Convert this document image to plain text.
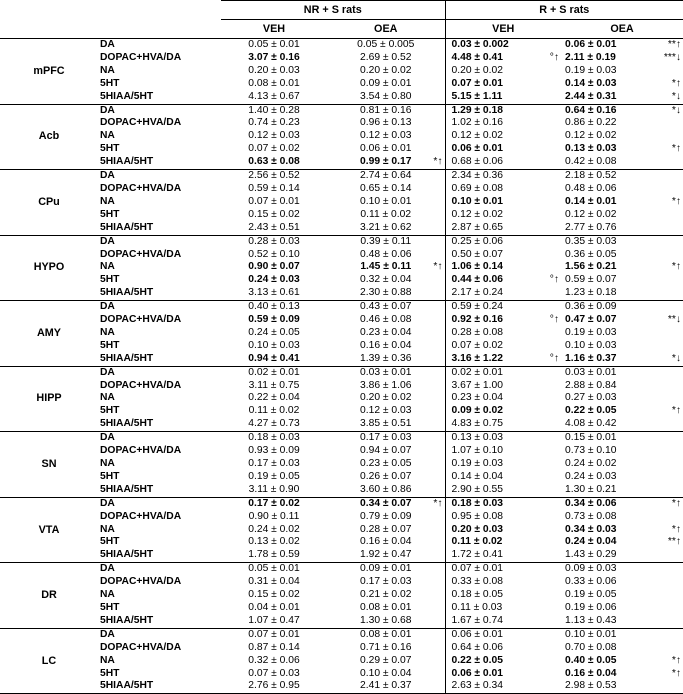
		NR + S rats		R + S rats	
		VEH	OEA	VEH	OEA
mPFC	DA	0.05 ± 0.01	0.05 ± 0.005	0.03 ± 0.002	0.06 ± 0.01 **↑

	DOPAC+HVA/DA	3.07 ± 0.16	2.69 ± 0.52	4.48 ± 0.41 °↑	2.11 ± 0.19 ***↓

	NA	0.20 ± 0.03	0.20 ± 0.02	0.20 ± 0.02	0.19 ± 0.03

	5HT	0.08 ± 0.01	0.09 ± 0.01	0.07 ± 0.01	0.14 ± 0.03 *↑

	5HIAA/5HT	4.13 ± 0.67	3.54 ± 0.80	5.15 ± 1.11	2.44 ± 0.31 *↓

Acb	DA	1.40 ± 0.28	0.81 ± 0.16	1.29 ± 0.18	0.64 ± 0.16 *↓

	DOPAC+HVA/DA	0.74 ± 0.23	0.96 ± 0.13	1.02 ± 0.16	0.86 ± 0.22

	NA	0.12 ± 0.03	0.12 ± 0.03	0.12 ± 0.02	0.12 ± 0.02

	5HT	0.07 ± 0.02	0.06 ± 0.01	0.06 ± 0.01	0.13 ± 0.03 *↑

	5HIAA/5HT	0.63 ± 0.08	0.99 ± 0.17 *↑	0.68 ± 0.06	0.42 ± 0.08

CPu	DA	2.56 ± 0.52	2.74 ± 0.64	2.34 ± 0.36	2.18 ± 0.52

	DOPAC+HVA/DA	0.59 ± 0.14	0.65 ± 0.14	0.69 ± 0.08	0.48 ± 0.06

	NA	0.07 ± 0.01	0.10 ± 0.01	0.10 ± 0.01	0.14 ± 0.01 *↑

	5HT	0.15 ± 0.02	0.11 ± 0.02	0.12 ± 0.02	0.12 ± 0.02

	5HIAA/5HT	2.43 ± 0.51	3.21 ± 0.62	2.87 ± 0.65	2.77 ± 0.76

HYPO	DA	0.28 ± 0.03	0.39 ± 0.11	0.25 ± 0.06	0.35 ± 0.03

	DOPAC+HVA/DA	0.52 ± 0.10	0.48 ± 0.06	0.50 ± 0.07	0.36 ± 0.05

	NA	0.90 ± 0.07	1.45 ± 0.11 *↑	1.06 ± 0.14	1.56 ± 0.21 *↑

	5HT	0.24 ± 0.03	0.32 ± 0.04	0.44 ± 0.06 °↑	0.59 ± 0.07

	5HIAA/5HT	3.13 ± 0.61	2.30 ± 0.88	2.17 ± 0.24	1.23 ± 0.18

AMY	DA	0.40 ± 0.13	0.43 ± 0.07	0.59 ± 0.24	0.36 ± 0.09

	DOPAC+HVA/DA	0.59 ± 0.09	0.46 ± 0.08	0.92 ± 0.16 °↑	0.47 ± 0.07 **↓

	NA	0.24 ± 0.05	0.23 ± 0.04	0.28 ± 0.08	0.19 ± 0.03

	5HT	0.10 ± 0.03	0.16 ± 0.04	0.07 ± 0.02	0.10 ± 0.03

	5HIAA/5HT	0.94 ± 0.41	1.39 ± 0.36	3.16 ± 1.22 °↑	1.16 ± 0.37 *↓

HIPP	DA	0.02 ± 0.01	0.03 ± 0.01	0.02 ± 0.01	0.03 ± 0.01

	DOPAC+HVA/DA	3.11 ± 0.75	3.86 ± 1.06	3.67 ± 1.00	2.88 ± 0.84

	NA	0.22 ± 0.04	0.20 ± 0.02	0.23 ± 0.04	0.27 ± 0.03

	5HT	0.11 ± 0.02	0.12 ± 0.03	0.09 ± 0.02	0.22 ± 0.05 *↑

	5HIAA/5HT	4.27 ± 0.73	3.85 ± 0.51	4.83 ± 0.75	4.08 ± 0.42

SN	DA	0.18 ± 0.03	0.17 ± 0.03	0.13 ± 0.03	0.15 ± 0.01

	DOPAC+HVA/DA	0.93 ± 0.09	0.94 ± 0.07	1.07 ± 0.10	0.73 ± 0.10

	NA	0.17 ± 0.03	0.23 ± 0.05	0.19 ± 0.03	0.24 ± 0.02

	5HT	0.19 ± 0.05	0.26 ± 0.07	0.14 ± 0.04	0.24 ± 0.03

	5HIAA/5HT	3.11 ± 0.90	3.60 ± 0.86	2.90 ± 0.55	1.30 ± 0.21

VTA	DA	0.17 ± 0.02	0.34 ± 0.07 *↑	0.18 ± 0.03	0.34 ± 0.06 *↑

	DOPAC+HVA/DA	0.90 ± 0.11	0.79 ± 0.09	0.95 ± 0.08	0.73 ± 0.08

	NA	0.24 ± 0.02	0.28 ± 0.07	0.20 ± 0.03	0.34 ± 0.03 *↑

	5HT	0.13 ± 0.02	0.16 ± 0.04	0.11 ± 0.02	0.24 ± 0.04 **↑

	5HIAA/5HT	1.78 ± 0.59	1.92 ± 0.47	1.72 ± 0.41	1.43 ± 0.29

DR	DA	0.05 ± 0.01	0.09 ± 0.01	0.07 ± 0.01	0.09 ± 0.03

	DOPAC+HVA/DA	0.31 ± 0.04	0.17 ± 0.03	0.33 ± 0.08	0.33 ± 0.06

	NA	0.15 ± 0.02	0.21 ± 0.02	0.18 ± 0.05	0.19 ± 0.05

	5HT	0.04 ± 0.01	0.08 ± 0.01	0.11 ± 0.03	0.19 ± 0.06

	5HIAA/5HT	1.07 ± 0.47	1.30 ± 0.68	1.67 ± 0.74	1.13 ± 0.43

LC	DA	0.07 ± 0.01	0.08 ± 0.01	0.06 ± 0.01	0.10 ± 0.01

	DOPAC+HVA/DA	0.87 ± 0.14	0.71 ± 0.16	0.64 ± 0.06	0.70 ± 0.08

	NA	0.32 ± 0.06	0.29 ± 0.07	0.22 ± 0.05	0.40 ± 0.05 *↑

	5HT	0.07 ± 0.03	0.10 ± 0.04	0.06 ± 0.01	0.16 ± 0.04 *↑

	5HIAA/5HT	2.76 ± 0.95	2.41 ± 0.37	2.63 ± 0.34	2.98 ± 0.53
